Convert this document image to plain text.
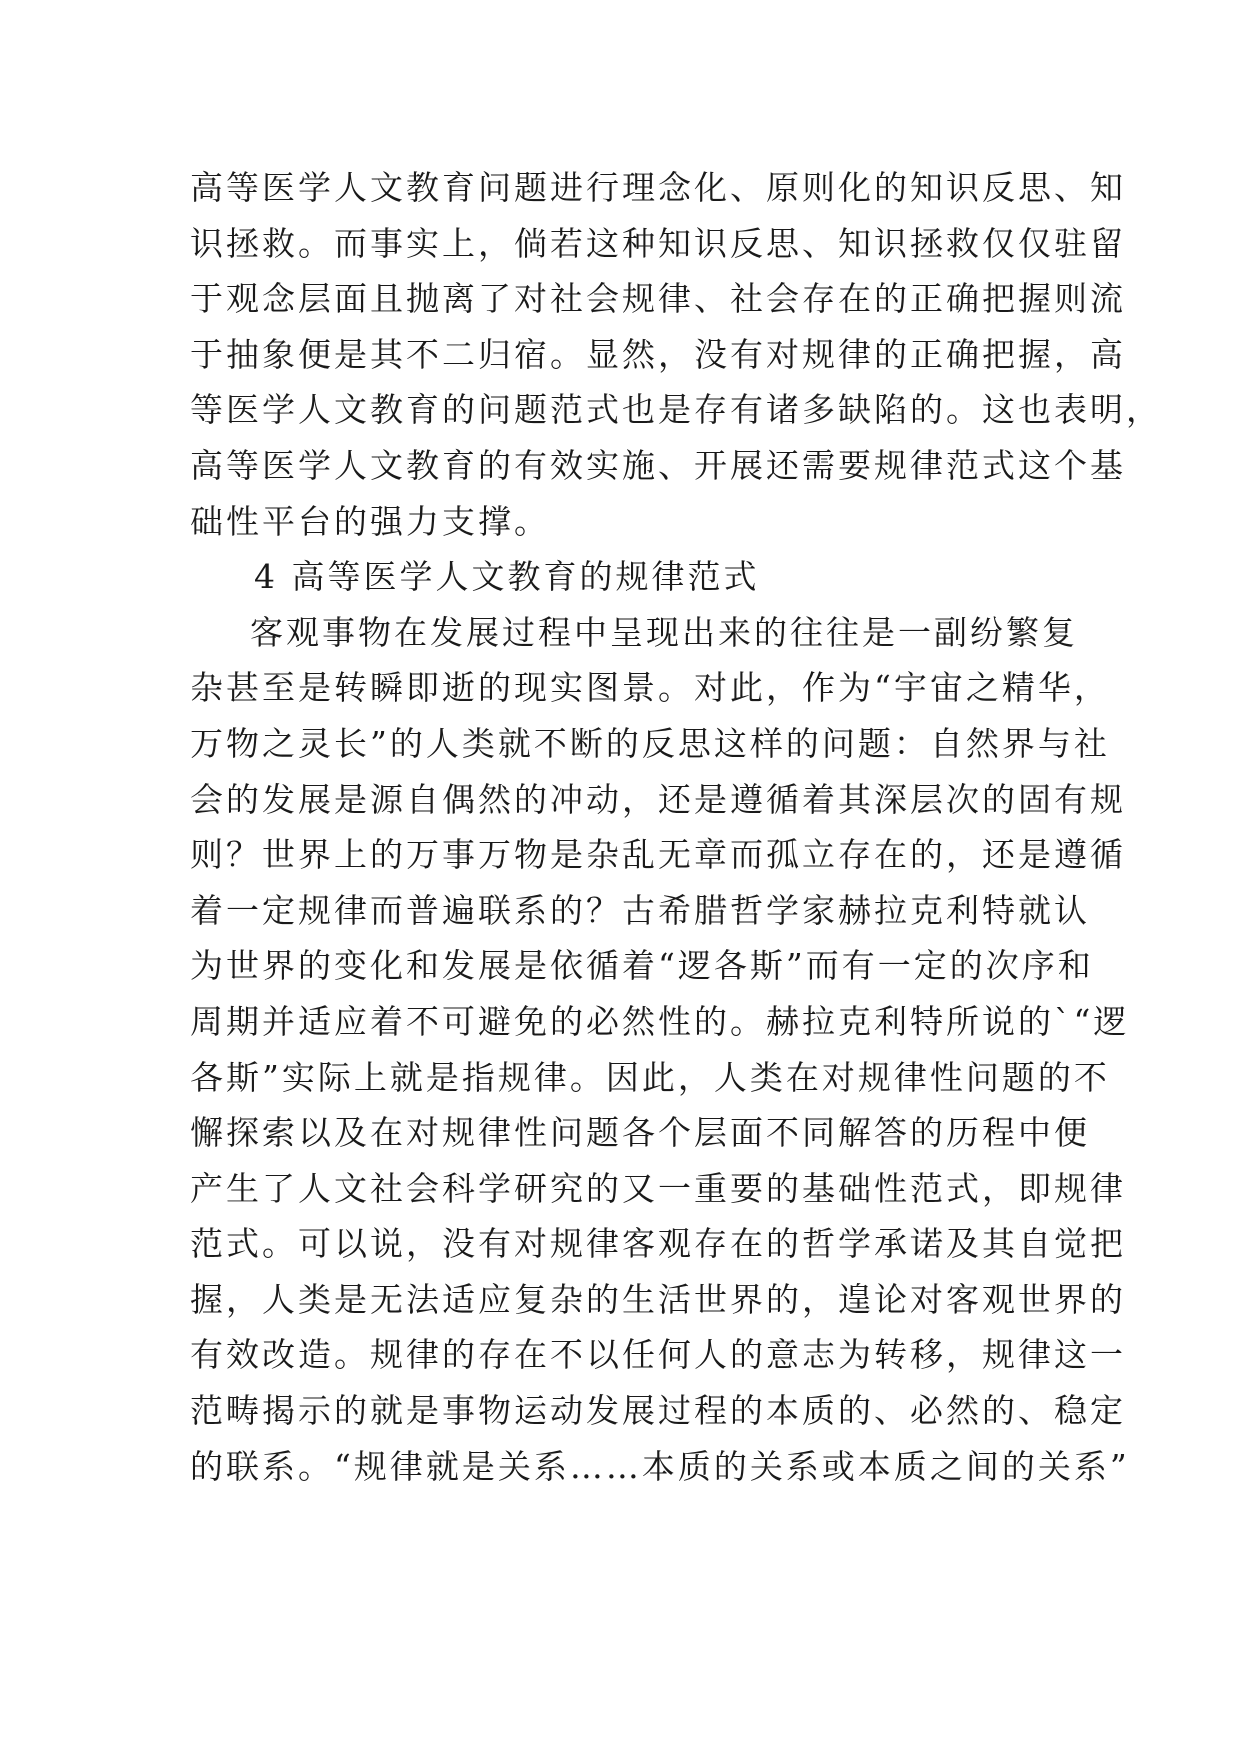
高等医学人文教育问题进行理念化、原则化的知识反思、知
识拯救。而事实上，倘若这种知识反思、知识拯救仅仅驻留
于观念层面且抛离了对社会规律、社会存在的正确把握则流
于抽象便是其不二归宿。显然，没有对规律的正确把握，高
等医学人文教育的问题范式也是存有诸多缺陷的。这也表明，
高等医学人文教育的有效实施、开展还需要规律范式这个基
础性平台的强力支撑。
4 高等医学人文教育的规律范式
客观事物在发展过程中呈现出来的往往是一副纷繁复
杂甚至是转瞬即逝的现实图景。对此，作为“宇宙之精华，
万物之灵长”的人类就不断的反思这样的问题：自然界与社
会的发展是源自偶然的冲动，还是遵循着其深层次的固有规
则？世界上的万事万物是杂乱无章而孤立存在的，还是遵循
着一定规律而普遍联系的？古希腊哲学家赫拉克利特就认
为世界的变化和发展是依循着“逻各斯”而有一定的次序和
周期并适应着不可避免的必然性的。赫拉克利特所说的`“逻
各斯”实际上就是指规律。因此，人类在对规律性问题的不
懈探索以及在对规律性问题各个层面不同解答的历程中便
产生了人文社会科学研究的又一重要的基础性范式，即规律
范式。可以说，没有对规律客观存在的哲学承诺及其自觉把
握，人类是无法适应复杂的生活世界的，遑论对客观世界的
有效改造。规律的存在不以任何人的意志为转移，规律这一
范畴揭示的就是事物运动发展过程的本质的、必然的、稳定
的联系。“规律就是关系……本质的关系或本质之间的关系”
